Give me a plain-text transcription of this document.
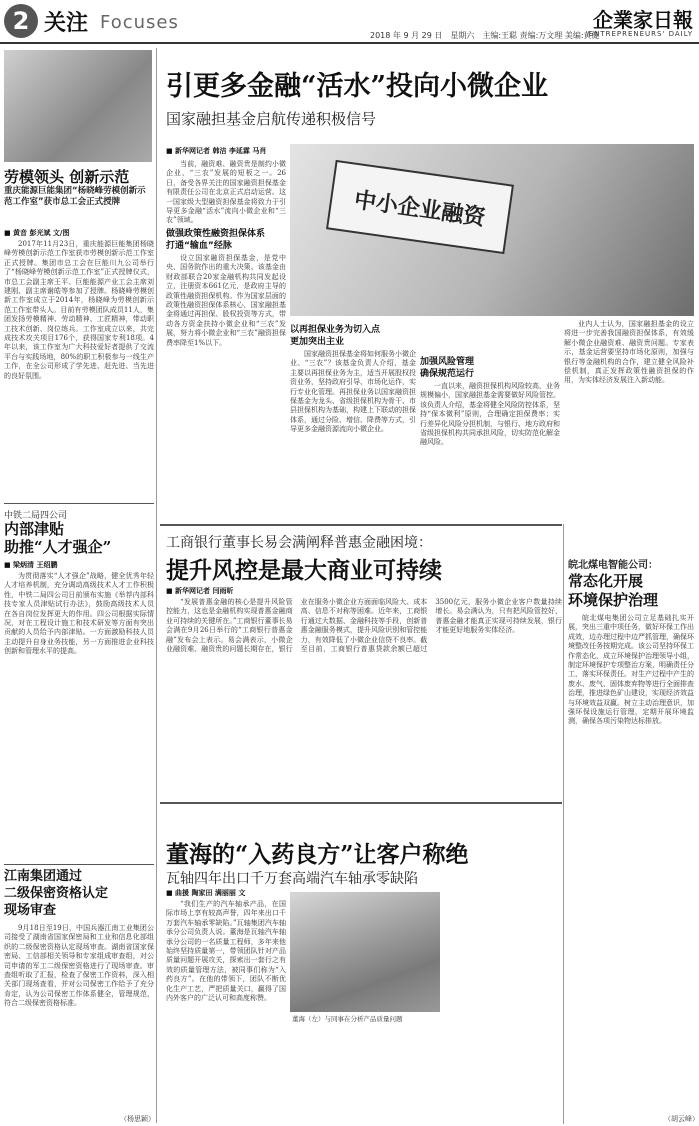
2 关注 Focuses
2018 年 9 月 29 日　星期六　主编:王聪 责编:万文理 美编:黄健
企業家日報
ENTREPRENEURS' DAILY
劳模领头 创新示范
重庆能源巨能集团“杨晓峰劳模创新示范工作室”获市总工会正式授牌
■ 黄音 彭光斌 文/图

2017年11月23日，重庆能源巨能集团杨晓峰劳模创新示范工作室获市劳模创新示范工作室正式授牌。集团市总工会在巨能川九公司举行了“杨晓峰劳模创新示范工作室”正式授牌仪式，市总工会副主席王平、巨能能源产业工会主席刘建刚、副主席谢皓等参加了授牌。杨晓峰劳模创新工作室成立于2014年，杨晓峰为劳模创新示范工作室带头人。目前有劳模团队成员11人，集团发扬劳模精神、劳动精神、工匠精神，带动职工技术创新、岗位练兵。工作室成立以来，共完成技术攻关项目176个，获得国家专利18项。4年以来，该工作室为广大科技爱好者提供了交流平台与实践场地，80%的职工积极参与一线生产工作，在全公司形成了学先进、赶先进、当先进的良好氛围。

中铁二局四公司
内部津贴
助推“人才强企”
■ 梁炳清 王绍鹏

为贯彻落实“人才强企”战略，健全优秀年轻人才培养机制，充分调动高级技术人才工作积极性，中铁二局四公司日前颁布实施《举荐内部科技专家人员津贴试行办法》，鼓励高级技术人员在各自岗位发挥更大的作用。四公司根据实际情况，对在工程设计施工和技术研发等方面有突出贡献的人员给予内部津贴。一方面激励科技人员主动提升自身业务技能，另一方面推进企业科技创新和管理水平的提高。

江南集团通过
二级保密资格认定
现场审查

9月18日至19日，中国兵器江南工业集团公司接受了湖南省国家保密局和工业和信息化部组织的二级保密资格认定现场审查。湖南省国家保密局、工信部相关领导和专家组成审查组，对公司申请的军工二级保密资格进行了现场审查。审查组听取了汇报，检查了保密工作资料，深入相关部门现场查看，并对公司保密工作给予了充分肯定，认为公司保密工作体系健全，管理规范，符合二级保密资格标准。

（杨思颖）
引更多金融“活水”投向小微企业
国家融担基金启航传递积极信号
■ 新华网记者 韩洁 李延霖 马肖

当前，融资难、融资贵是制约小微企业、“三农”发展的短板之一。26日，备受各界关注的国家融资担保基金有限责任公司在北京正式启动运营。这一国家级大型融资担保基金将致力于引导更多金融“活水”流向小微企业和“三农”领域。

做强政策性融资担保体系
打通“输血”经脉

设立国家融资担保基金，是党中央、国务院作出的重大决策。该基金由财政部联合20家金融机构共同发起设立，注册资本661亿元，是政府主导的政策性融资担保机构。作为国家层面的政策性融资担保体系核心，国家融担基金将通过再担保、股权投资等方式，带动各方资金扶持小微企业和“三农”发展，努力将小微企业和“三农”融资担保费率降至1%以下。

中小企业融资
以再担保业务为切入点
更加突出主业

国家融资担保基金将如何服务小微企业、“三农”？该基金负责人介绍，基金主要以再担保业务为主，适当开展股权投资业务，坚持政府引导、市场化运作，实行专业化管理。再担保业务以国家融资担保基金为龙头、省级担保机构为骨干、市县担保机构为基础，构建上下联动的担保体系，通过分险、增信、降费等方式，引导更多金融资源流向小微企业。

加强风险管理
确保规范运行

一直以来，融资担保机构风险较高，业务规模偏小，国家融担基金需要做好风险管控。该负责人介绍，基金将健全风险防控体系，坚持“保本微利”原则，合理确定担保费率；实行差异化风险分担机制，与银行、地方政府和省级担保机构共同承担风险，切实防范化解金融风险。

业内人士认为，国家融担基金的设立将进一步完善我国融资担保体系，有效缓解小微企业融资难、融资贵问题。专家表示，基金运营要坚持市场化原则，加强与银行等金融机构的合作，建立健全风险补偿机制，真正发挥政策性融资担保的作用，为实体经济发展注入新动能。

工商银行董事长易会满阐释普惠金融困境：
提升风控是最大商业可持续
■ 新华网记者 闫雨昕

“发展普惠金融的核心是提升风险管控能力，这也是金融机构实现普惠金融商业可持续的关键所在。”工商银行董事长易会满在9月26日举行的“工商银行普惠金融”发布会上表示。易会满表示，小微企业融资难、融资贵的问题长期存在，银行业在服务小微企业方面面临风险大、成本高、信息不对称等困难。近年来，工商银行通过大数据、金融科技等手段，创新普惠金融服务模式，提升风险识别和管控能力，有效降低了小微企业信贷不良率。截至目前，工商银行普惠贷款余额已超过3500亿元，服务小微企业客户数量持续增长。易会满认为，只有把风险管控好，普惠金融才能真正实现可持续发展，银行才能更好地服务实体经济。

皖北煤电智能公司：
常态化开展
环境保护治理

皖北煤电集团公司立足基础扎实开展，突出三重中项任务，做好环保工作出成效，边办理过程中边严抓管理，确保环境整改任务按期完成。该公司坚持环保工作常态化，成立环境保护治理领导小组，制定环境保护专项整治方案，明确责任分工，落实环保责任。对生产过程中产生的废水、废气、固体废弃物等进行全面排查治理，推进绿色矿山建设，实现经济效益与环境效益双赢。树立主动治理意识，加强环保设施运行管理，定期开展环境监测，确保各项污染物达标排放。

（胡云峰）
董海的“入药良方”让客户称绝
瓦轴四年出口千万套高端汽车轴承零缺陷
■ 曲援 陶家田 满丽丽 文

“我们生产的汽车轴承产品，在国际市场上享有较高声誉，四年来出口千万套汽车轴承零缺陷。”瓦轴集团汽车轴承分公司负责人说。董海是瓦轴汽车轴承分公司的一名质量工程师，多年来他始终坚持质量第一，带领团队针对产品质量问题开展攻关，探索出一套行之有效的质量管理方法，被同事们称为“入药良方”。在他的带领下，团队不断优化生产工艺，严把质量关口，赢得了国内外客户的广泛认可和高度称赞。

董海（左）与同事在分析产品质量问题
